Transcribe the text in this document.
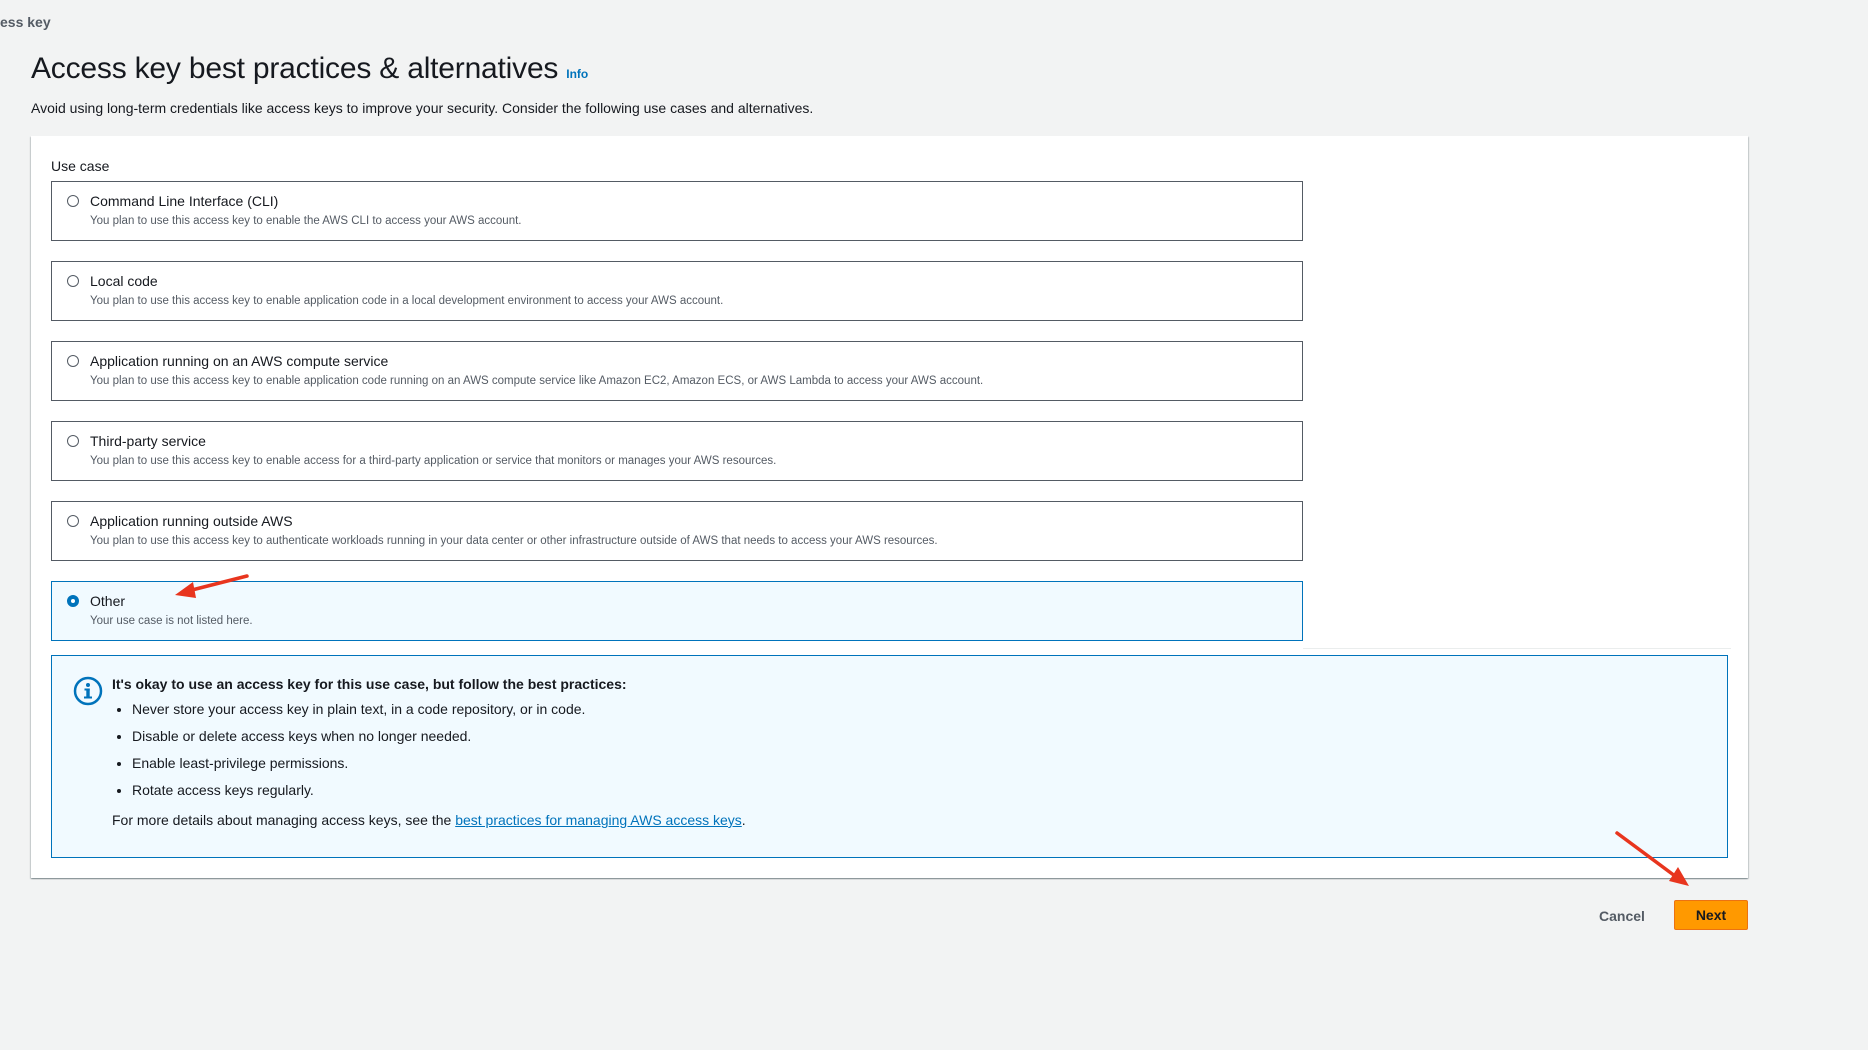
ess key
Access key best practices & alternatives Info
Avoid using long-term credentials like access keys to improve your security. Consider the following use cases and alternatives.
Use case
Command Line Interface (CLI)
You plan to use this access key to enable the AWS CLI to access your AWS account.
Local code
You plan to use this access key to enable application code in a local development environment to access your AWS account.
Application running on an AWS compute service
You plan to use this access key to enable application code running on an AWS compute service like Amazon EC2, Amazon ECS, or AWS Lambda to access your AWS account.
Third-party service
You plan to use this access key to enable access for a third-party application or service that monitors or manages your AWS resources.
Application running outside AWS
You plan to use this access key to authenticate workloads running in your data center or other infrastructure outside of AWS that needs to access your AWS resources.
Other
Your use case is not listed here.
It's okay to use an access key for this use case, but follow the best practices:
• Never store your access key in plain text, in a code repository, or in code.
• Disable or delete access keys when no longer needed.
• Enable least-privilege permissions.
• Rotate access keys regularly.
For more details about managing access keys, see the best practices for managing AWS access keys.
Cancel	Next
